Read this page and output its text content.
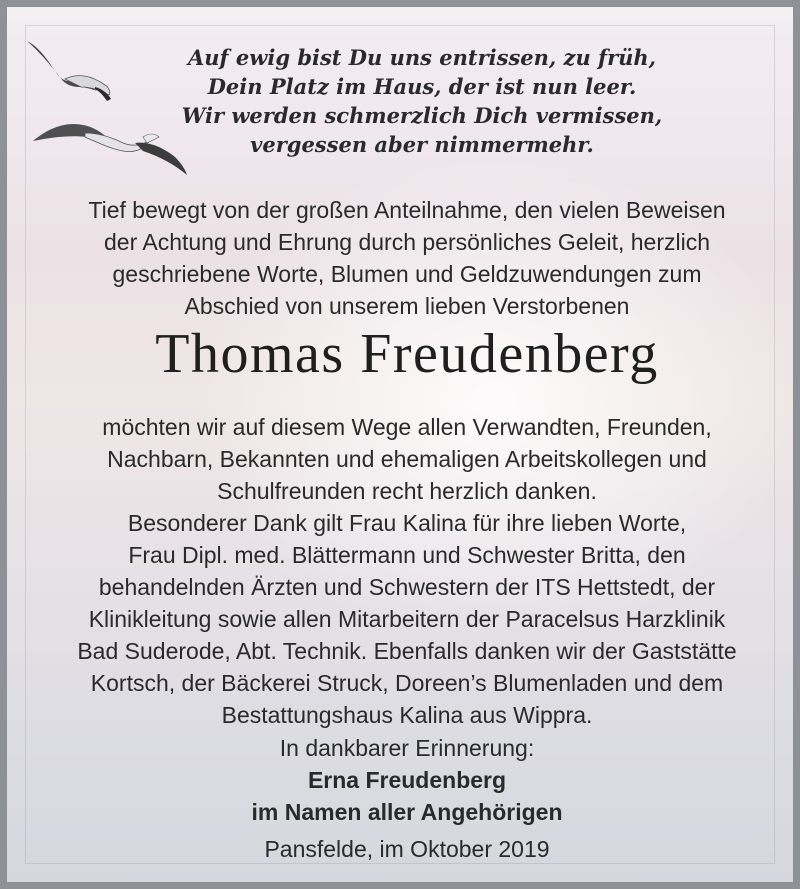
Auf ewig bist Du uns entrissen, zu früh,
Dein Platz im Haus, der ist nun leer.
Wir werden schmerzlich Dich vermissen,
vergessen aber nimmermehr.
Tief bewegt von der großen Anteilnahme, den vielen Beweisen
der Achtung und Ehrung durch persönliches Geleit, herzlich
geschriebene Worte, Blumen und Geldzuwendungen zum
Abschied von unserem lieben Verstorbenen
Thomas Freudenberg
möchten wir auf diesem Wege allen Verwandten, Freunden,
Nachbarn, Bekannten und ehemaligen Arbeitskollegen und
Schulfreunden recht herzlich danken.
Besonderer Dank gilt Frau Kalina für ihre lieben Worte,
Frau Dipl. med. Blättermann und Schwester Britta, den
behandelnden Ärzten und Schwestern der ITS Hettstedt, der
Klinikleitung sowie allen Mitarbeitern der Paracelsus Harzklinik
Bad Suderode, Abt. Technik. Ebenfalls danken wir der Gaststätte
Kortsch, der Bäckerei Struck, Doreen’s Blumenladen und dem
Bestattungshaus Kalina aus Wippra.
In dankbarer Erinnerung:
Erna Freudenberg
im Namen aller Angehörigen
Pansfelde, im Oktober 2019
